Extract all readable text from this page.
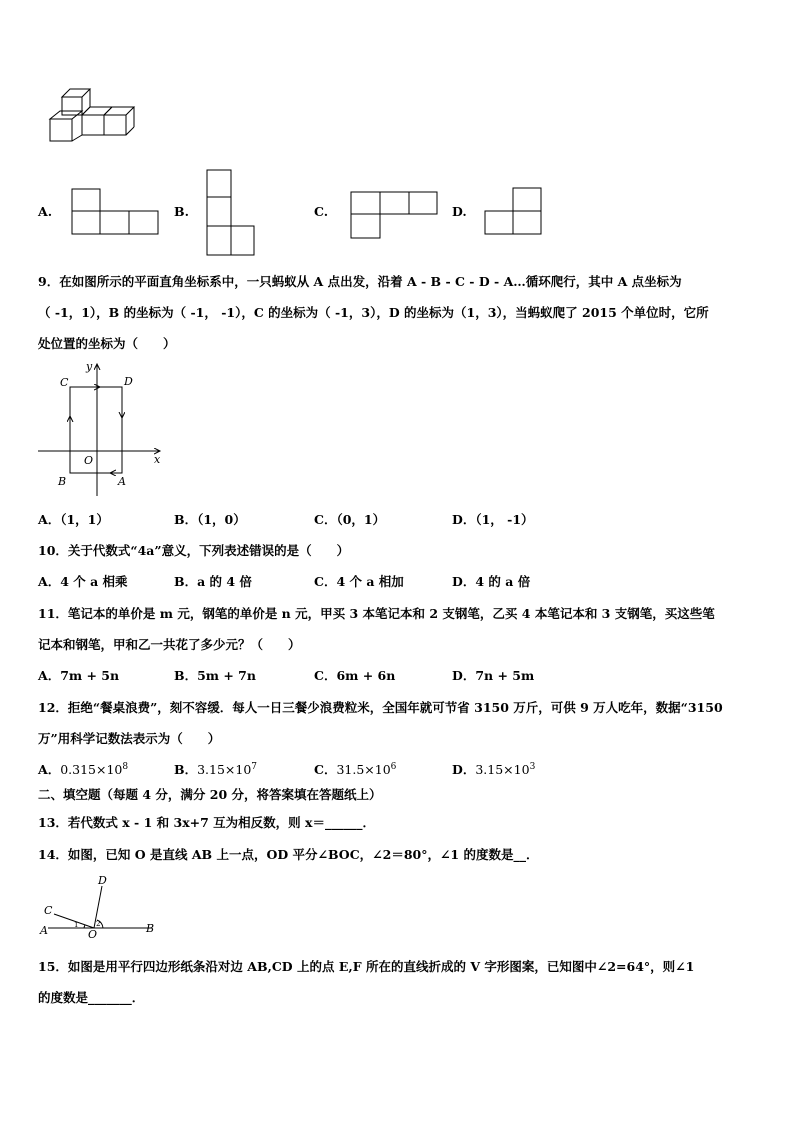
A.	B.	C.	D.
9．在如图所示的平面直角坐标系中，一只蚂蚁从 A 点出发，沿着 A - B - C - D - A…循环爬行，其中 A 点坐标为
（ -1，1），B 的坐标为（ -1， -1），C 的坐标为（ -1，3），D 的坐标为（1，3），当蚂蚁爬了 2015 个单位时，它所
处位置的坐标为（　　）
y
x
O
C	D
B	A
A．（1，1）	B．（1，0）	C．（0，1）	D．（1， -1）
10．关于代数式“4a”意义，下列表述错误的是（　　）
A．4 个 a 相乘	B．a 的 4 倍	C．4 个 a 相加	D．4 的 a 倍
11．笔记本的单价是 m 元，钢笔的单价是 n 元，甲买 3 本笔记本和 2 支钢笔，乙买 4 本笔记本和 3 支钢笔，买这些笔
记本和钢笔，甲和乙一共花了多少元？（　　）
A．7m + 5n	B．5m + 7n	C．6m + 6n	D．7n + 5m
12．拒绝“餐桌浪费”，刻不容缓．每人一日三餐少浪费粒米，全国年就可节省 3150 万斤，可供 9 万人吃年，数据“3150
万”用科学记数法表示为（　　）
A．$0.315\times 10^8$	B．$3.15\times 10^7$	C．$31.5\times 10^6$	D．$3.15\times 10^3$
二、填空题（每题 4 分，满分 20 分，将答案填在答题纸上）
13．若代数式 x - 1 和 3x+7 互为相反数，则 x＝______．
14．如图，已知 O 是直线 AB 上一点，OD 平分∠BOC，∠2＝80°，∠1 的度数是__．
A	B
C
D
O
1	2
15．如图是用平行四边形纸条沿对边 AB,CD 上的点 E,F 所在的直线折成的 V 字形图案，已知图中∠2=64°，则∠1
的度数是_______．
